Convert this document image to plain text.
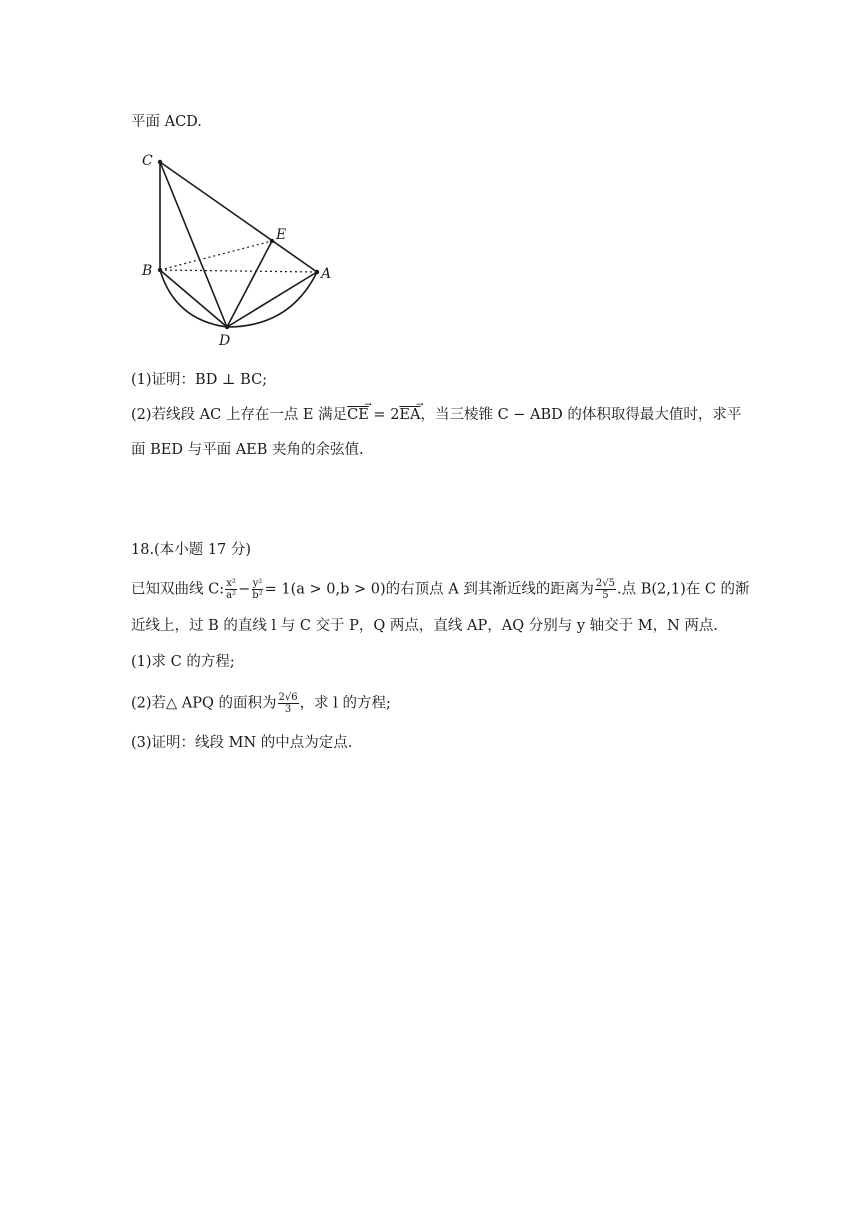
平面 ACD.
C
E
B	A
D
(1)证明：BD ⊥ BC;
(2)若线段 AC 上存在一点 E 满足$\overline{CE}$ → = $2\overline{EA}$ →，当三棱锥 C − ABD 的体积取得最大值时，求平
面 BED 与平面 AEB 夹角的余弦值.
18.(本小题 17 分)
已知双曲线 C: $\frac{\text{x²}}{\text{a²}} - \frac{\text{y²}}{\text{b²}} = 1(a > 0,b > 0)$的右顶点 A 到其渐近线的距离为 $\frac{2√5}{5}$ .点 B(2,1)在 C 的渐
近线上，过 B 的直线 l 与 C 交于 P，Q 两点，直线 AP，AQ 分别与 y 轴交于 M，N 两点.
(1)求 C 的方程;
(2)若△ APQ 的面积为 $\frac{2√6}{3}$ ，求 l 的方程;
(3)证明：线段 MN 的中点为定点.
